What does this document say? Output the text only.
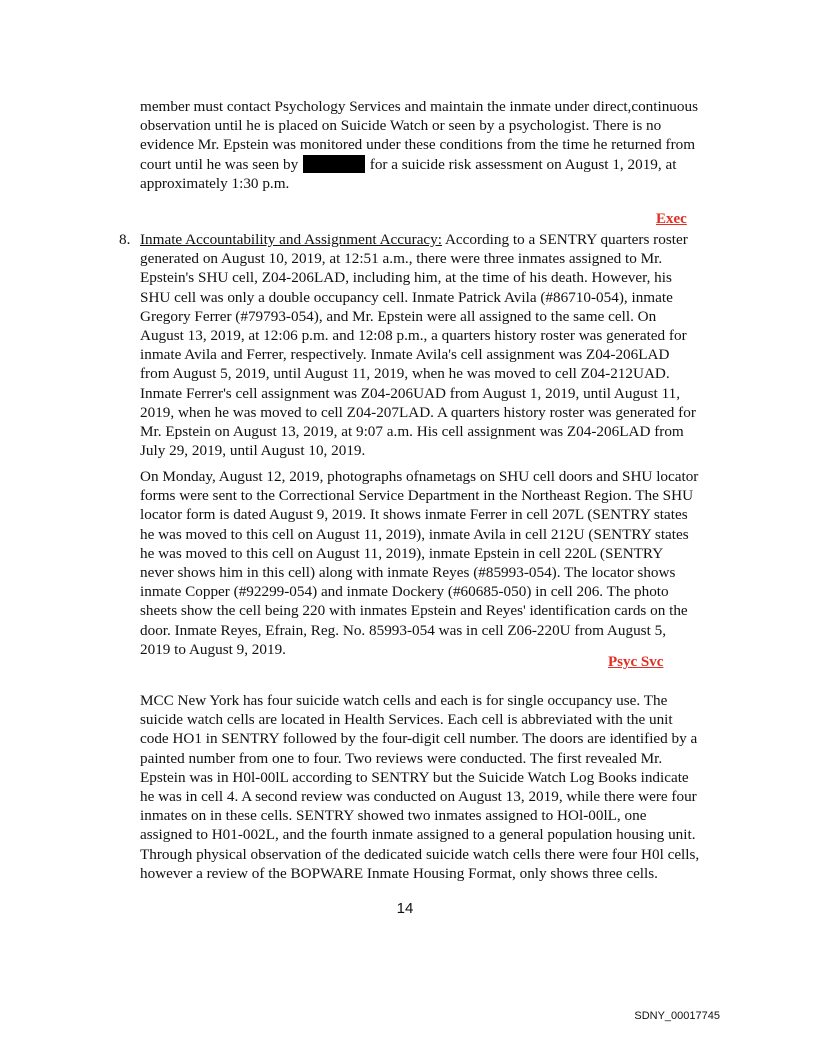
member must contact Psychology Services and maintain the inmate under direct,continuous observation until he is placed on Suicide Watch or seen by a psychologist. There is no evidence Mr. Epstein was monitored under these conditions from the time he returned from court until he was seen by	for a suicide risk assessment on August 1, 2019, at approximately 1:30 p.m.

Exec
8. Inmate Accountability and Assignment Accuracy: According to a SENTRY quarters roster generated on August 10, 2019, at 12:51 a.m., there were three inmates assigned to Mr. Epstein's SHU cell, Z04-206LAD, including him, at the time of his death. However, his SHU cell was only a double occupancy cell. Inmate Patrick Avila (#86710-054), inmate Gregory Ferrer (#79793-054), and Mr. Epstein were all assigned to the same cell. On August 13, 2019, at 12:06 p.m. and 12:08 p.m., a quarters history roster was generated for inmate Avila and Ferrer, respectively. Inmate Avila's cell assignment was Z04-206LAD from August 5, 2019, until August 11, 2019, when he was moved to cell Z04-212UAD. Inmate Ferrer's cell assignment was Z04-206UAD from August 1, 2019, until August 11, 2019, when he was moved to cell Z04-207LAD. A quarters history roster was generated for Mr. Epstein on August 13, 2019, at 9:07 a.m. His cell assignment was Z04-206LAD from July 29, 2019, until August 10, 2019.

On Monday, August 12, 2019, photographs ofnametags on SHU cell doors and SHU locator forms were sent to the Correctional Service Department in the Northeast Region. The SHU locator form is dated August 9, 2019. It shows inmate Ferrer in cell 207L (SENTRY states he was moved to this cell on August 11, 2019), inmate Avila in cell 212U (SENTRY states he was moved to this cell on August 11, 2019), inmate Epstein in cell 220L (SENTRY never shows him in this cell) along with inmate Reyes (#85993-054). The locator shows inmate Copper (#92299-054) and inmate Dockery (#60685-050) in cell 206. The photo sheets show the cell being 220 with inmates Epstein and Reyes' identification cards on the door. Inmate Reyes, Efrain, Reg. No. 85993-054 was in cell Z06-220U from August 5, 2019 to August 9, 2019.

Psyc Svc

MCC New York has four suicide watch cells and each is for single occupancy use. The suicide watch cells are located in Health Services. Each cell is abbreviated with the unit code HO1 in SENTRY followed by the four-digit cell number. The doors are identified by a painted number from one to four. Two reviews were conducted. The first revealed Mr. Epstein was in H0l-00lL according to SENTRY but the Suicide Watch Log Books indicate he was in cell 4. A second review was conducted on August 13, 2019, while there were four inmates on in these cells. SENTRY showed two inmates assigned to HOl-00lL, one assigned to H01-002L, and the fourth inmate assigned to a general population housing unit. Through physical observation of the dedicated suicide watch cells there were four H0l cells, however a review of the BOPWARE Inmate Housing Format, only shows three cells.

14
SDNY_00017745
